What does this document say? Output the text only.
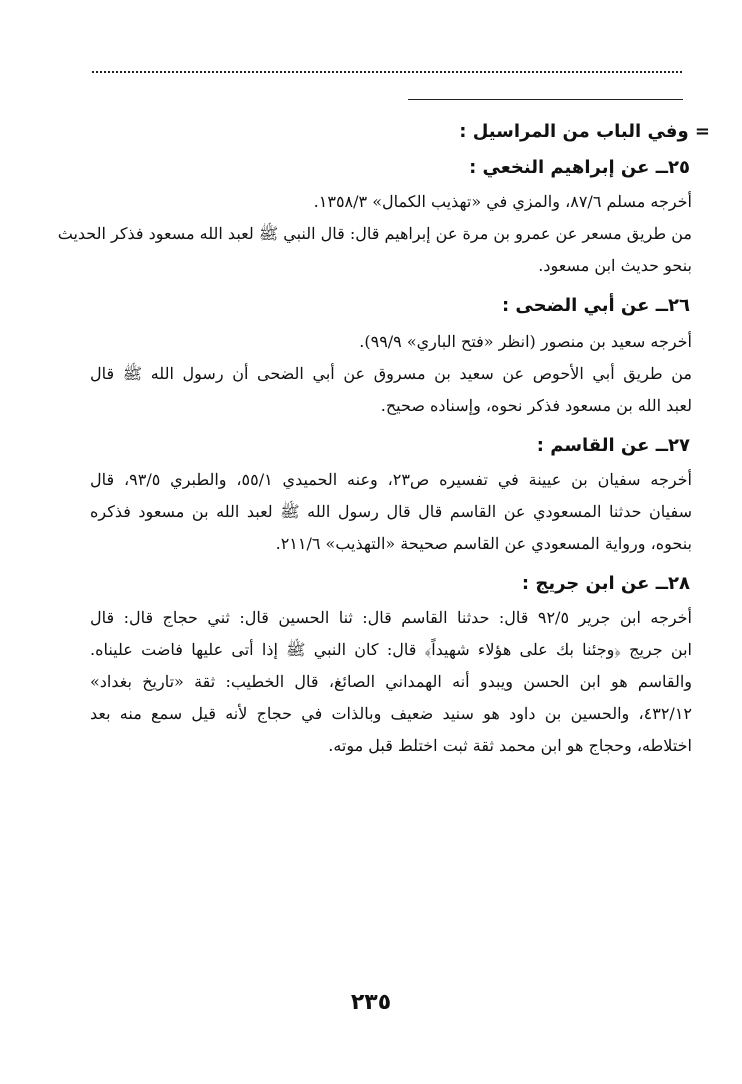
= وفي الباب من المراسيل :
٢٥ــ عن إبراهيم النخعي :
أخرجه مسلم ٨٧/٦، والمزي في «تهذيب الكمال» ١٣٥٨/٣.
من طريق مسعر عن عمرو بن مرة عن إبراهيم قال: قال النبي ﷺ لعبد الله مسعود فذكر الحديث
بنحو حديث ابن مسعود.
٢٦ــ عن أبي الضحى :
أخرجه سعيد بن منصور (انظر «فتح الباري» ٩٩/٩).
من طريق أبي الأحوص عن سعيد بن مسروق عن أبي الضحى أن رسول الله ﷺ قال
لعبد الله بن مسعود فذكر نحوه، وإسناده صحيح.
٢٧ــ عن القاسم :
أخرجه سفيان بن عيينة في تفسيره ص٢٣، وعنه الحميدي ٥٥/١، والطبري ٩٣/٥، قال
سفيان حدثنا المسعودي عن القاسم قال قال رسول الله ﷺ لعبد الله بن مسعود فذكره
بنحوه، ورواية المسعودي عن القاسم صحيحة «التهذيب» ٢١١/٦.
٢٨ــ عن ابن جريج :
أخرجه ابن جرير ٩٢/٥ قال: حدثنا القاسم قال: ثنا الحسين قال: ثني حجاج قال: قال
ابن جريج ﴿وجئنا بك على هؤلاء شهيداً﴾ قال: كان النبي ﷺ إذا أتى عليها فاضت عليناه.
والقاسم هو ابن الحسن ويبدو أنه الهمداني الصائغ، قال الخطيب: ثقة «تاريخ بغداد»
٤٣٢/١٢، والحسين بن داود هو سنيد ضعيف وبالذات في حجاج لأنه قيل سمع منه بعد
اختلاطه، وحجاج هو ابن محمد ثقة ثبت اختلط قبل موته.
٢٣٥
